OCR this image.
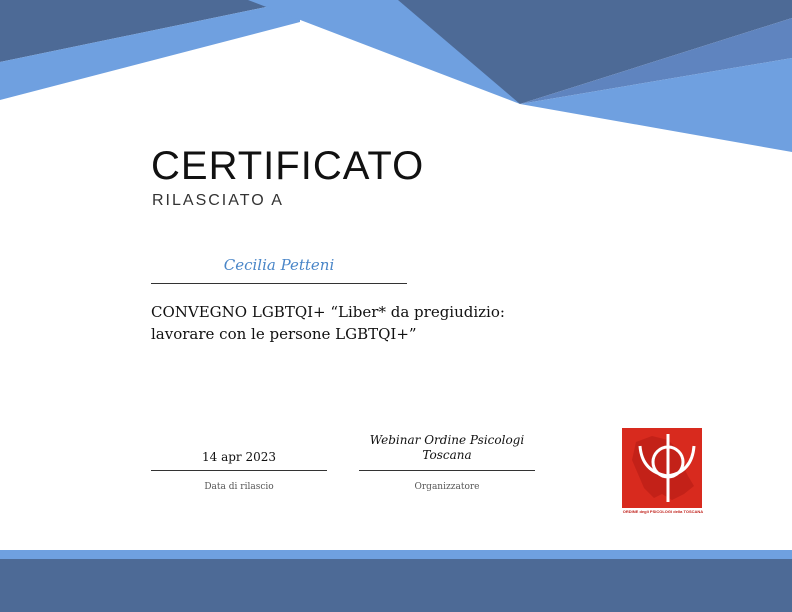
CERTIFICATO
RILASCIATO A
Cecilia Petteni
CONVEGNO LGBTQI+ “Liber* da pregiudizio:
lavorare con le persone LGBTQI+”
14 apr 2023
Data di rilascio
Webinar Ordine Psicologi
Toscana
Organizzatore
ORDINE degli PSICOLOGI della TOSCANA
